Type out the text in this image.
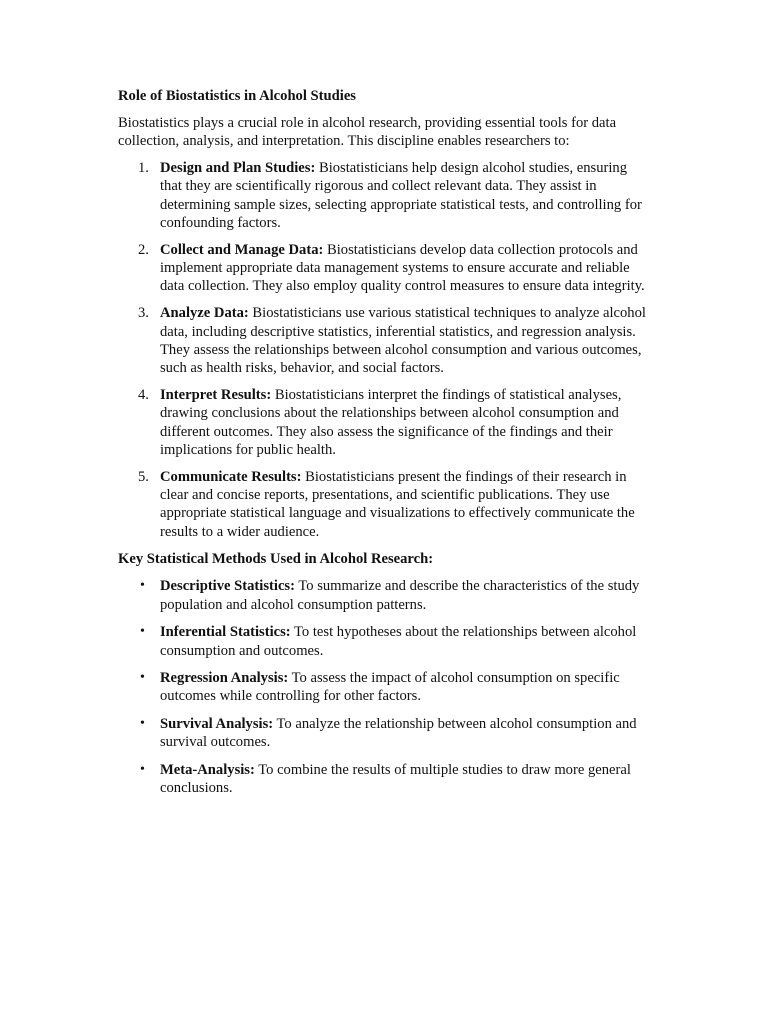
Role of Biostatistics in Alcohol Studies

Biostatistics plays a crucial role in alcohol research, providing essential tools for data collection, analysis, and interpretation. This discipline enables researchers to:

1. Design and Plan Studies: Biostatisticians help design alcohol studies, ensuring that they are scientifically rigorous and collect relevant data. They assist in determining sample sizes, selecting appropriate statistical tests, and controlling for confounding factors.
2. Collect and Manage Data: Biostatisticians develop data collection protocols and implement appropriate data management systems to ensure accurate and reliable data collection. They also employ quality control measures to ensure data integrity.
3. Analyze Data: Biostatisticians use various statistical techniques to analyze alcohol data, including descriptive statistics, inferential statistics, and regression analysis. They assess the relationships between alcohol consumption and various outcomes, such as health risks, behavior, and social factors.
4. Interpret Results: Biostatisticians interpret the findings of statistical analyses, drawing conclusions about the relationships between alcohol consumption and different outcomes. They also assess the significance of the findings and their implications for public health.
5. Communicate Results: Biostatisticians present the findings of their research in clear and concise reports, presentations, and scientific publications. They use appropriate statistical language and visualizations to effectively communicate the results to a wider audience.
Key Statistical Methods Used in Alcohol Research:
• Descriptive Statistics: To summarize and describe the characteristics of the study population and alcohol consumption patterns.
• Inferential Statistics: To test hypotheses about the relationships between alcohol consumption and outcomes.
• Regression Analysis: To assess the impact of alcohol consumption on specific outcomes while controlling for other factors.
• Survival Analysis: To analyze the relationship between alcohol consumption and survival outcomes.
• Meta-Analysis: To combine the results of multiple studies to draw more general conclusions.
